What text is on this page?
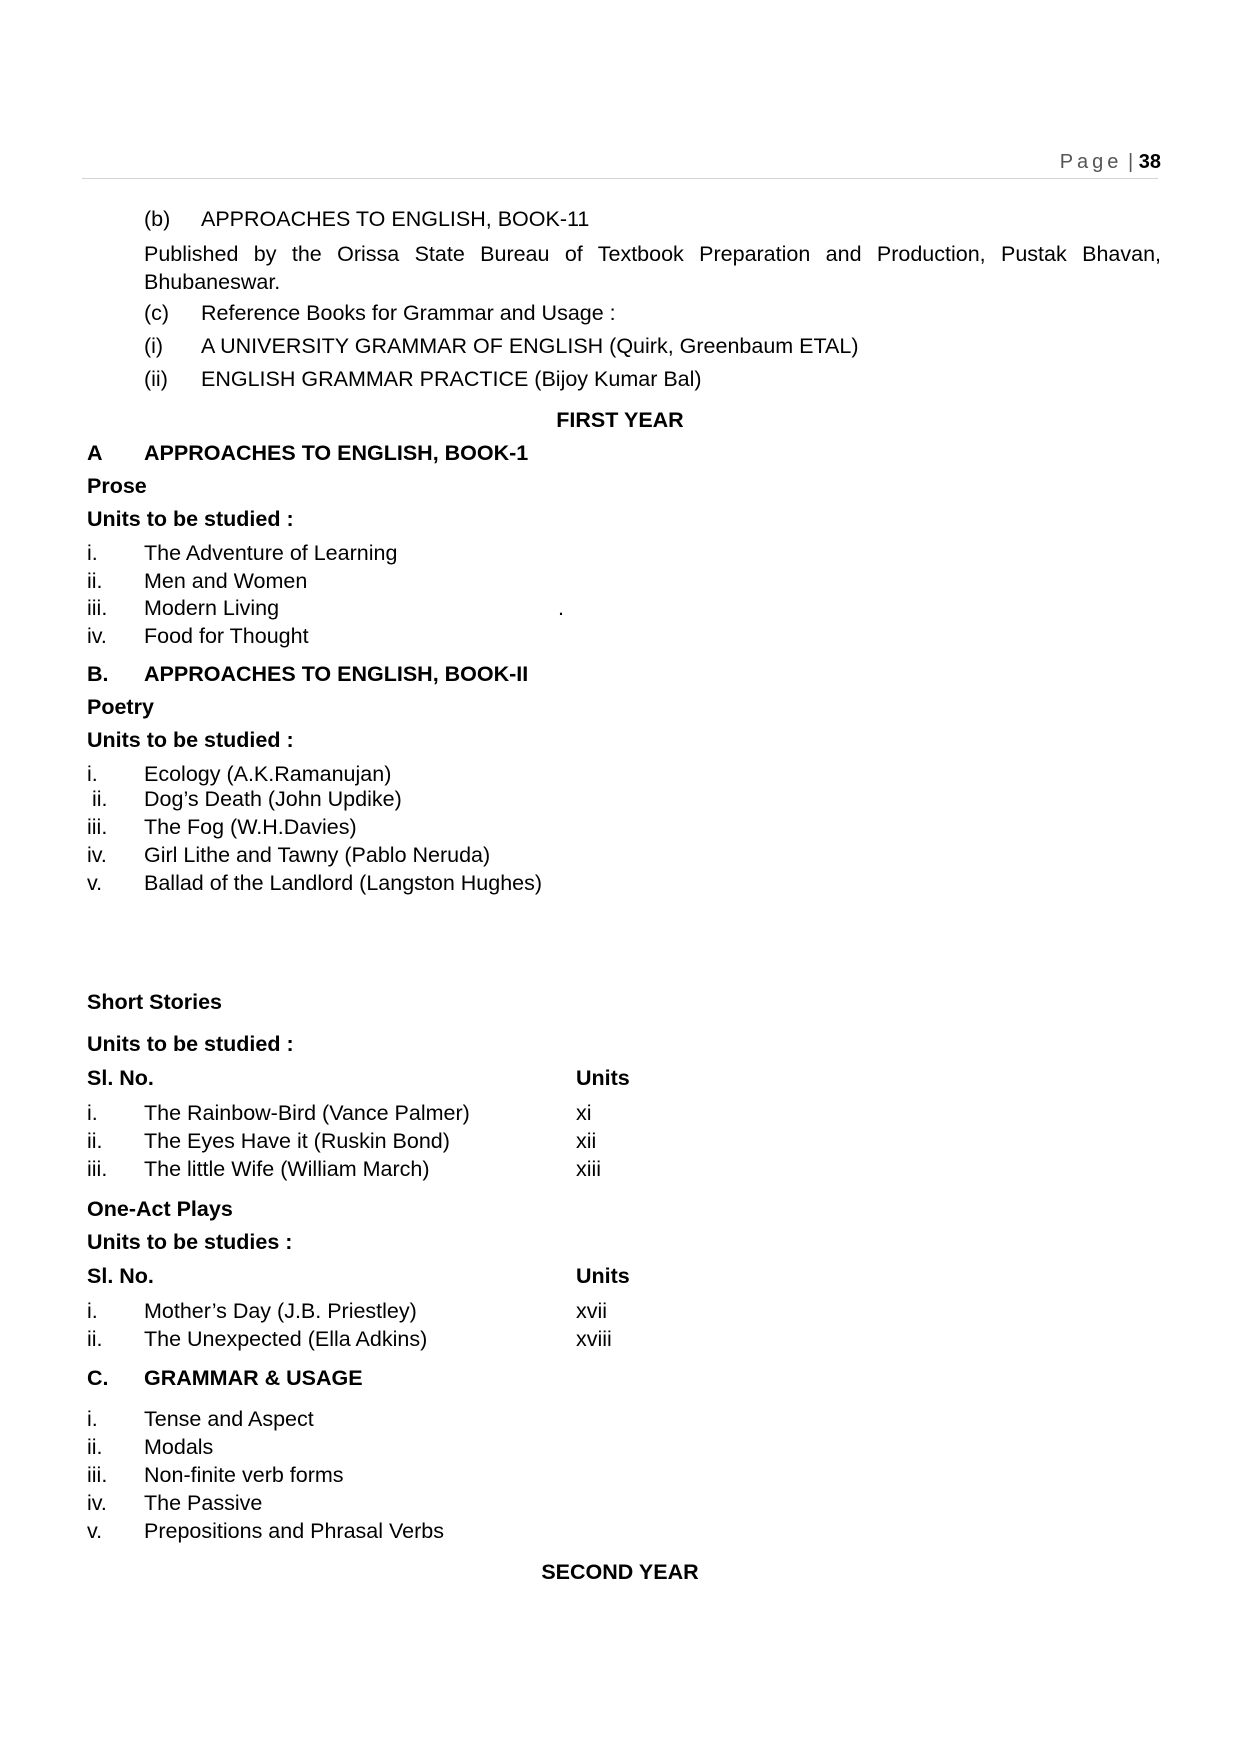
Page | 38
(b) APPROACHES TO ENGLISH, BOOK-11
Published by the Orissa State Bureau of Textbook Preparation and Production, Pustak Bhavan, Bhubaneswar.
(c) Reference Books for Grammar and Usage :
(i) A UNIVERSITY GRAMMAR OF ENGLISH (Quirk, Greenbaum ETAL)
(ii) ENGLISH GRAMMAR PRACTICE (Bijoy Kumar Bal)
FIRST YEAR
A APPROACHES TO ENGLISH, BOOK-1
Prose
Units to be studied :
i. The Adventure of Learning
ii. Men and Women
iii. Modern Living	.
iv. Food for Thought
B. APPROACHES TO ENGLISH, BOOK-II
Poetry
Units to be studied :
i. Ecology (A.K.Ramanujan)
ii. Dog’s Death (John Updike)
iii. The Fog (W.H.Davies)
iv. Girl Lithe and Tawny (Pablo Neruda)
v. Ballad of the Landlord (Langston Hughes)
Short Stories
Units to be studied :
Sl. No.	Units
i. The Rainbow-Bird (Vance Palmer)	xi
ii. The Eyes Have it (Ruskin Bond)	xii
iii. The little Wife (William March)	xiii
One-Act Plays
Units to be studies :
Sl. No.	Units
i. Mother’s Day (J.B. Priestley)	xvii
ii. The Unexpected (Ella Adkins)	xviii
C. GRAMMAR & USAGE
i. Tense and Aspect
ii. Modals
iii. Non-finite verb forms
iv. The Passive
v. Prepositions and Phrasal Verbs
SECOND YEAR
